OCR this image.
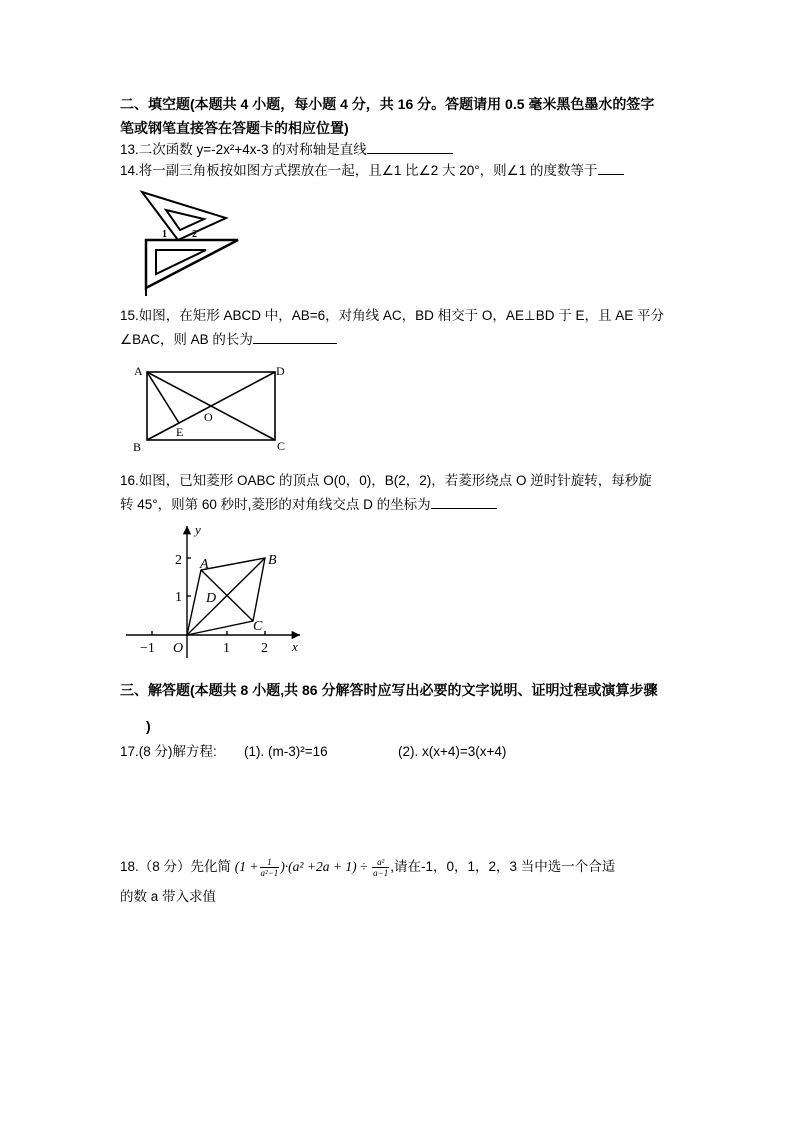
二、填空题(本题共 4 小题，每小题 4 分，共 16 分。答题请用 0.5 毫米黑色墨水的签字
笔或钢笔直接答在答题卡的相应位置)
13.二次函数 y=-2x²+4x-3 的对称轴是直线
14.将一副三角板按如图方式摆放在一起，且∠1 比∠2 大 20°，则∠1 的度数等于
1	2
15.如图，在矩形 ABCD 中，AB=6，对角线 AC，BD 相交于 O，AE⊥BD 于 E，且 AE 平分
∠BAC，则 AB 的长为
A	D
B	C
E
O
16.如图，已知菱形 OABC 的顶点 O(0，0)，B(2，2)，若菱形绕点 O 逆时针旋转，每秒旋
转 45°，则第 60 秒时,菱形的对角线交点 D 的坐标为
y
x
A	B
C
D
O
2
1
−1	1 2
三、解答题(本题共 8 小题,共 86 分解答时应写出必要的文字说明、证明过程或演算步骤
)
17.(8 分)解方程: (1). (m-3)²=16	(2). x(x+4)=3(x+4)
18.（8 分）先化简 $(1 + \frac{1}{\text{a²−1}} )\cdot(a^2 +2a + 1) \div \frac{\text{a²}}{a-1}$ ,请在-1，0，1，2，3 当中选一个合适
的数 a 带入求值
